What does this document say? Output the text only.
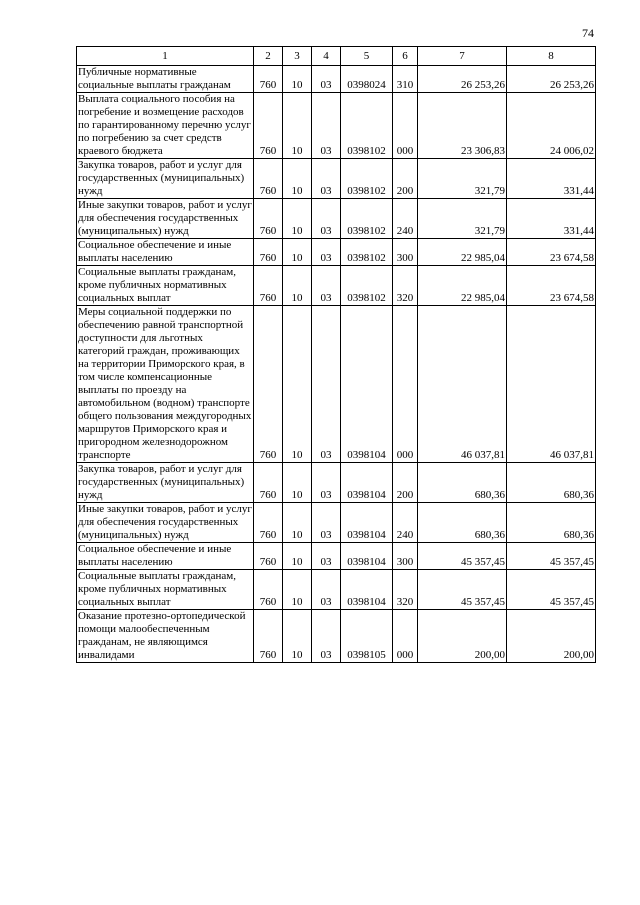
74
1	2	3	4	5	6	7	8
Публичные нормативные социальные выплаты гражданам	760	10	03	0398024	310	26 253,26	26 253,26
Выплата социального пособия на погребение и возмещение расходов по гарантированному перечню услуг по погребению за счет средств краевого бюджета	760	10	03	0398102	000	23 306,83	24 006,02
Закупка товаров, работ и услуг для государственных (муниципальных) нужд	760	10	03	0398102	200	321,79	331,44
Иные закупки товаров, работ и услуг для обеспечения государственных (муниципальных) нужд	760	10	03	0398102	240	321,79	331,44
Социальное обеспечение и иные выплаты населению	760	10	03	0398102	300	22 985,04	23 674,58
Социальные выплаты гражданам, кроме публичных нормативных социальных выплат	760	10	03	0398102	320	22 985,04	23 674,58
Меры социальной поддержки по обеспечению равной транспортной доступности для льготных категорий граждан, проживающих на территории Приморского края, в том числе компенсационные выплаты по проезду на автомобильном (водном) транспорте общего пользования междугородных маршрутов Приморского края и пригородном железнодорожном транспорте	760	10	03	0398104	000	46 037,81	46 037,81
Закупка товаров, работ и услуг для государственных (муниципальных) нужд	760	10	03	0398104	200	680,36	680,36
Иные закупки товаров, работ и услуг для обеспечения государственных (муниципальных) нужд	760	10	03	0398104	240	680,36	680,36
Социальное обеспечение и иные выплаты населению	760	10	03	0398104	300	45 357,45	45 357,45
Социальные выплаты гражданам, кроме публичных нормативных социальных выплат	760	10	03	0398104	320	45 357,45	45 357,45
Оказание протезно-ортопедической помощи малообеспеченным гражданам, не являющимся инвалидами	760	10	03	0398105	000	200,00	200,00
